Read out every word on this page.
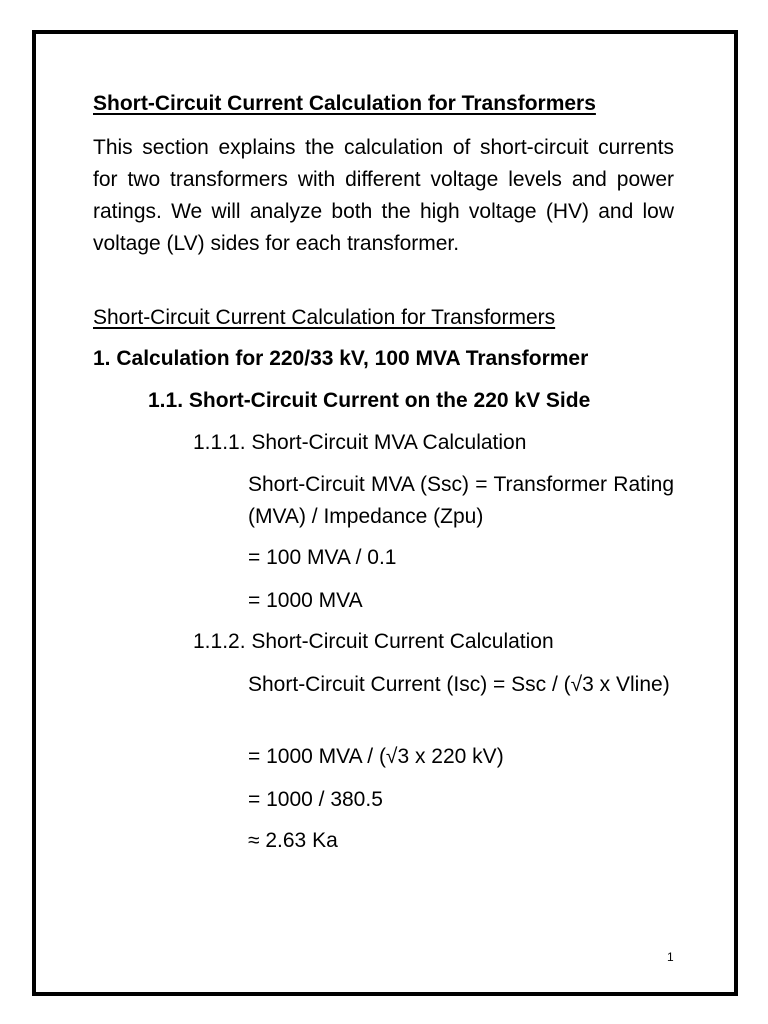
Short-Circuit Current Calculation for Transformers
This section explains the calculation of short-circuit currents for two transformers with different voltage levels and power ratings. We will analyze both the high voltage (HV) and low voltage (LV) sides for each transformer.
Short-Circuit Current Calculation for Transformers
1. Calculation for 220/33 kV, 100 MVA Transformer
1.1. Short-Circuit Current on the 220 kV Side
1.1.1. Short-Circuit MVA Calculation
Short-Circuit MVA (Ssc) = Transformer Rating (MVA) / Impedance (Zpu)
= 100 MVA / 0.1
= 1000 MVA
1.1.2. Short-Circuit Current Calculation
Short-Circuit Current (Isc) = Ssc / (√3 x Vline)
= 1000 MVA / (√3 x 220 kV)
= 1000 / 380.5
≈ 2.63 Ka
1
